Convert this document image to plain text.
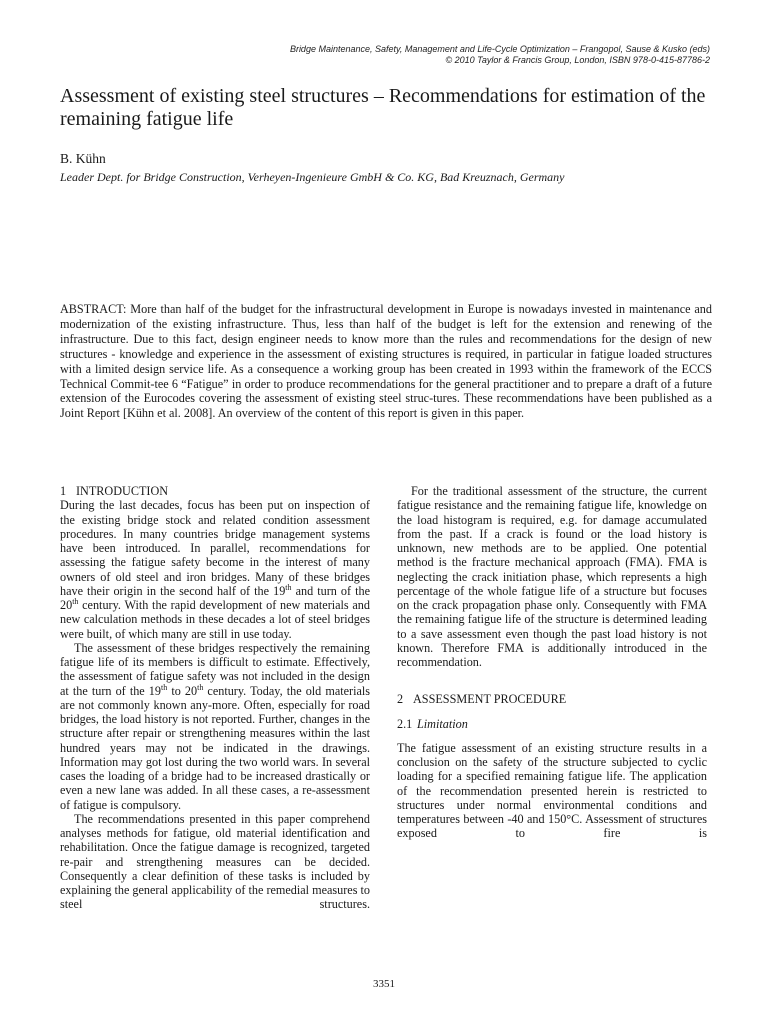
Bridge Maintenance, Safety, Management and Life-Cycle Optimization – Frangopol, Sause & Kusko (eds)
© 2010 Taylor & Francis Group, London, ISBN 978-0-415-87786-2
Assessment of existing steel structures – Recommendations for estimation of the remaining fatigue life
B. Kühn
Leader Dept. for Bridge Construction, Verheyen-Ingenieure GmbH & Co. KG, Bad Kreuznach, Germany
ABSTRACT: More than half of the budget for the infrastructural development in Europe is nowadays invested in maintenance and modernization of the existing infrastructure. Thus, less than half of the budget is left for the extension and renewing of the infrastructure. Due to this fact, design engineer needs to know more than the rules and recommendations for the design of new structures - knowledge and experience in the assessment of existing structures is required, in particular in fatigue loaded structures with a limited design service life. As a consequence a working group has been created in 1993 within the framework of the ECCS Technical Commit-tee 6 “Fatigue” in order to produce recommendations for the general practitioner and to prepare a draft of a future extension of the Eurocodes covering the assessment of existing steel struc-tures. These recommendations have been published as a Joint Report [Kühn et al. 2008]. An overview of the content of this report is given in this paper.
1 INTRODUCTION

During the last decades, focus has been put on inspection of the existing bridge stock and related condition assessment procedures. In many countries bridge management systems have been introduced. In parallel, recommendations for assessing the fatigue safety become in the interest of many owners of old steel and iron bridges. Many of these bridges have their origin in the second half of the 19th and turn of the 20th century. With the rapid development of new materials and new calculation methods in these decades a lot of steel bridges were built, of which many are still in use today.

The assessment of these bridges respectively the remaining fatigue life of its members is difficult to estimate. Effectively, the assessment of fatigue safety was not included in the design at the turn of the 19th to 20th century. Today, the old materials are not commonly known any-more. Often, especially for road bridges, the load history is not reported. Further, changes in the structure after repair or strengthening measures within the last hundred years may not be indicated in the drawings. Information may got lost during the two world wars. In several cases the loading of a bridge had to be increased drastically or even a new lane was added. In all these cases, a re-assessment of fatigue is compulsory.

The recommendations presented in this paper comprehend analyses methods for fatigue, old material identification and rehabilitation. Once the fatigue damage is recognized, targeted re-pair and strengthening measures can be decided. Consequently a clear definition of these tasks is included by explaining the general applicability of the remedial measures to steel structures.

For the traditional assessment of the structure, the current fatigue resistance and the remaining fatigue life, knowledge on the load histogram is required, e.g. for damage accumulated from the past. If a crack is found or the load history is unknown, new methods are to be applied. One potential method is the fracture mechanical approach (FMA). FMA is neglecting the crack initiation phase, which represents a high percentage of the whole fatigue life of a structure but focuses on the crack propagation phase only. Consequently with FMA the remaining fatigue life of the structure is determined leading to a save assessment even though the past load history is not known. Therefore FMA is additionally introduced in the recommendation.

2 ASSESSMENT PROCEDURE
2.1 Limitation

The fatigue assessment of an existing structure results in a conclusion on the safety of the structure subjected to cyclic loading for a specified remaining fatigue life. The application of the recommendation presented herein is restricted to structures under normal environmental conditions and temperatures between -40 and 150°C. Assessment of structures exposed to fire is

3351
